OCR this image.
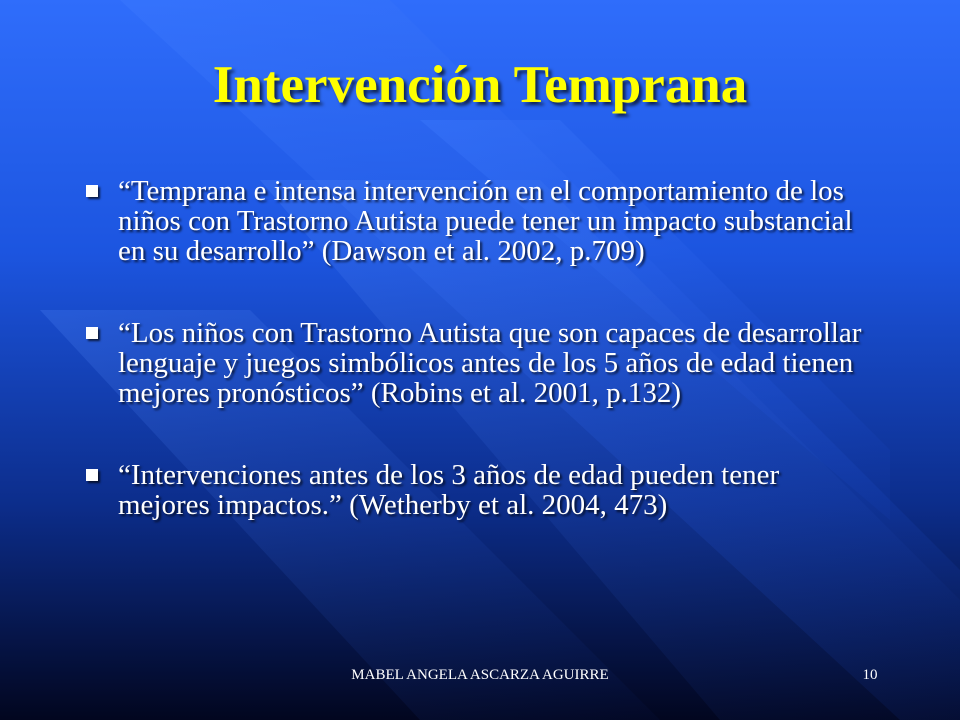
Intervención Temprana
“Temprana e intensa intervención en el comportamiento de los niños con Trastorno Autista puede tener un impacto substancial en su desarrollo” (Dawson et al. 2002, p.709)
“Los niños con Trastorno Autista que son capaces de desarrollar lenguaje y juegos simbólicos antes de los 5 años de edad tienen mejores pronósticos” (Robins et al. 2001, p.132)
“Intervenciones antes de los 3 años de edad pueden tener mejores impactos.” (Wetherby et al. 2004, 473)
MABEL ANGELA ASCARZA AGUIRRE	10
